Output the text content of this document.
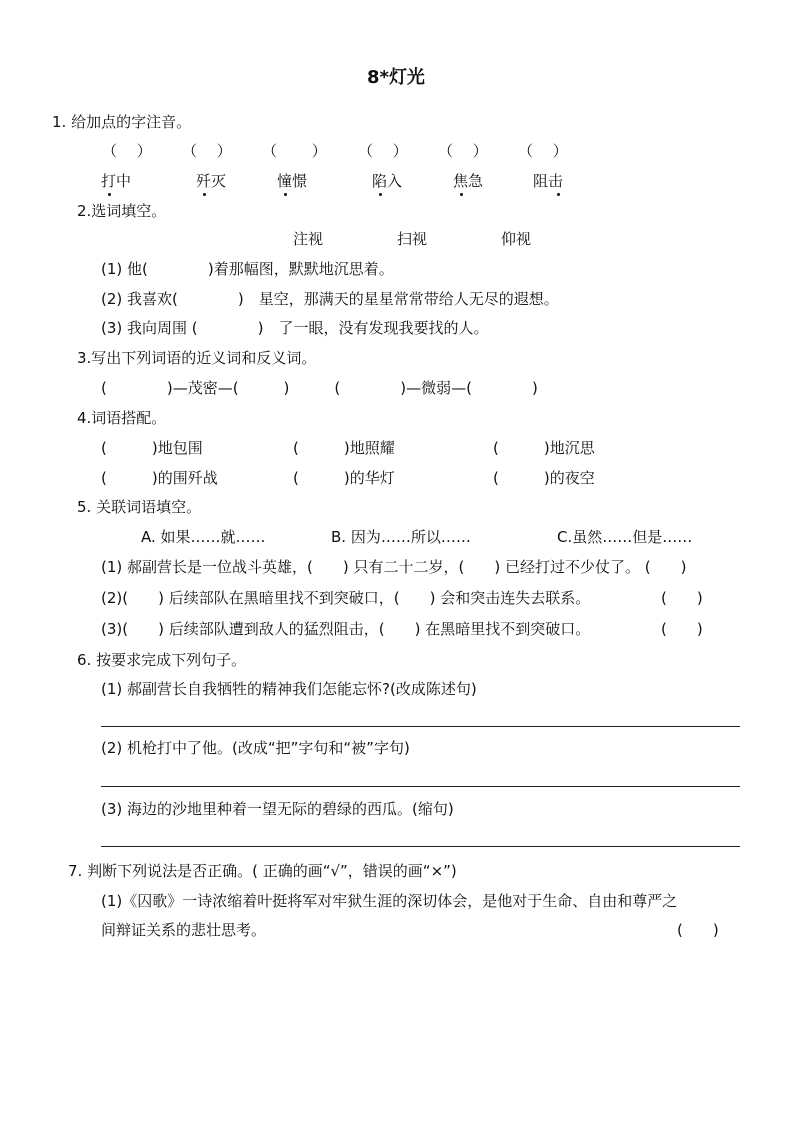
8*灯光
1. 给加点的字注音。
（　 ） （　 ） （　　 ） （　 ） （　 ） （　 ）
打中	歼灭	憧憬	陷入	焦急	阻击
2.选词填空。
注视	扫视	仰视
(1) 他(　　　　)着那幅图，默默地沉思着。
(2) 我喜欢(　　　　)　星空，那满天的星星常常带给人无尽的遐想。
(3) 我向周围 (　　　　)　了一眼，没有发现我要找的人。
3.写出下列词语的近义词和反义词。
(　　　　)—茂密—(　　　)　　　(　　　　)—微弱—(　　　　)
4.词语搭配。
(　　　)地包围	(　　　)地照耀	(　　　)地沉思
(　　　)的围歼战	(　　　)的华灯	(　　　)的夜空
5. 关联词语填空。
A. 如果……就……	B. 因为……所以……	C.虽然……但是……
(1) 郝副营长是一位战斗英雄，(　　) 只有二十二岁，(　　) 已经打过不少仗了。 (　　)
(2)(　　) 后续部队在黑暗里找不到突破口，(　　) 会和突击连失去联系。	(　　)
(3)(　　) 后续部队遭到敌人的猛烈阻击，(　　) 在黑暗里找不到突破口。	(　　)
6. 按要求完成下列句子。
(1) 郝副营长自我牺牲的精神我们怎能忘怀?(改成陈述句)
(2) 机枪打中了他。(改成“把”字句和“被”字句)
(3) 海边的沙地里种着一望无际的碧绿的西瓜。(缩句)
7. 判断下列说法是否正确。( 正确的画“√”，错误的画“×”)
(1)《囚歌》一诗浓缩着叶挺将军对牢狱生涯的深切体会，是他对于生命、自由和尊严之
间辩证关系的悲壮思考。	(　　)
